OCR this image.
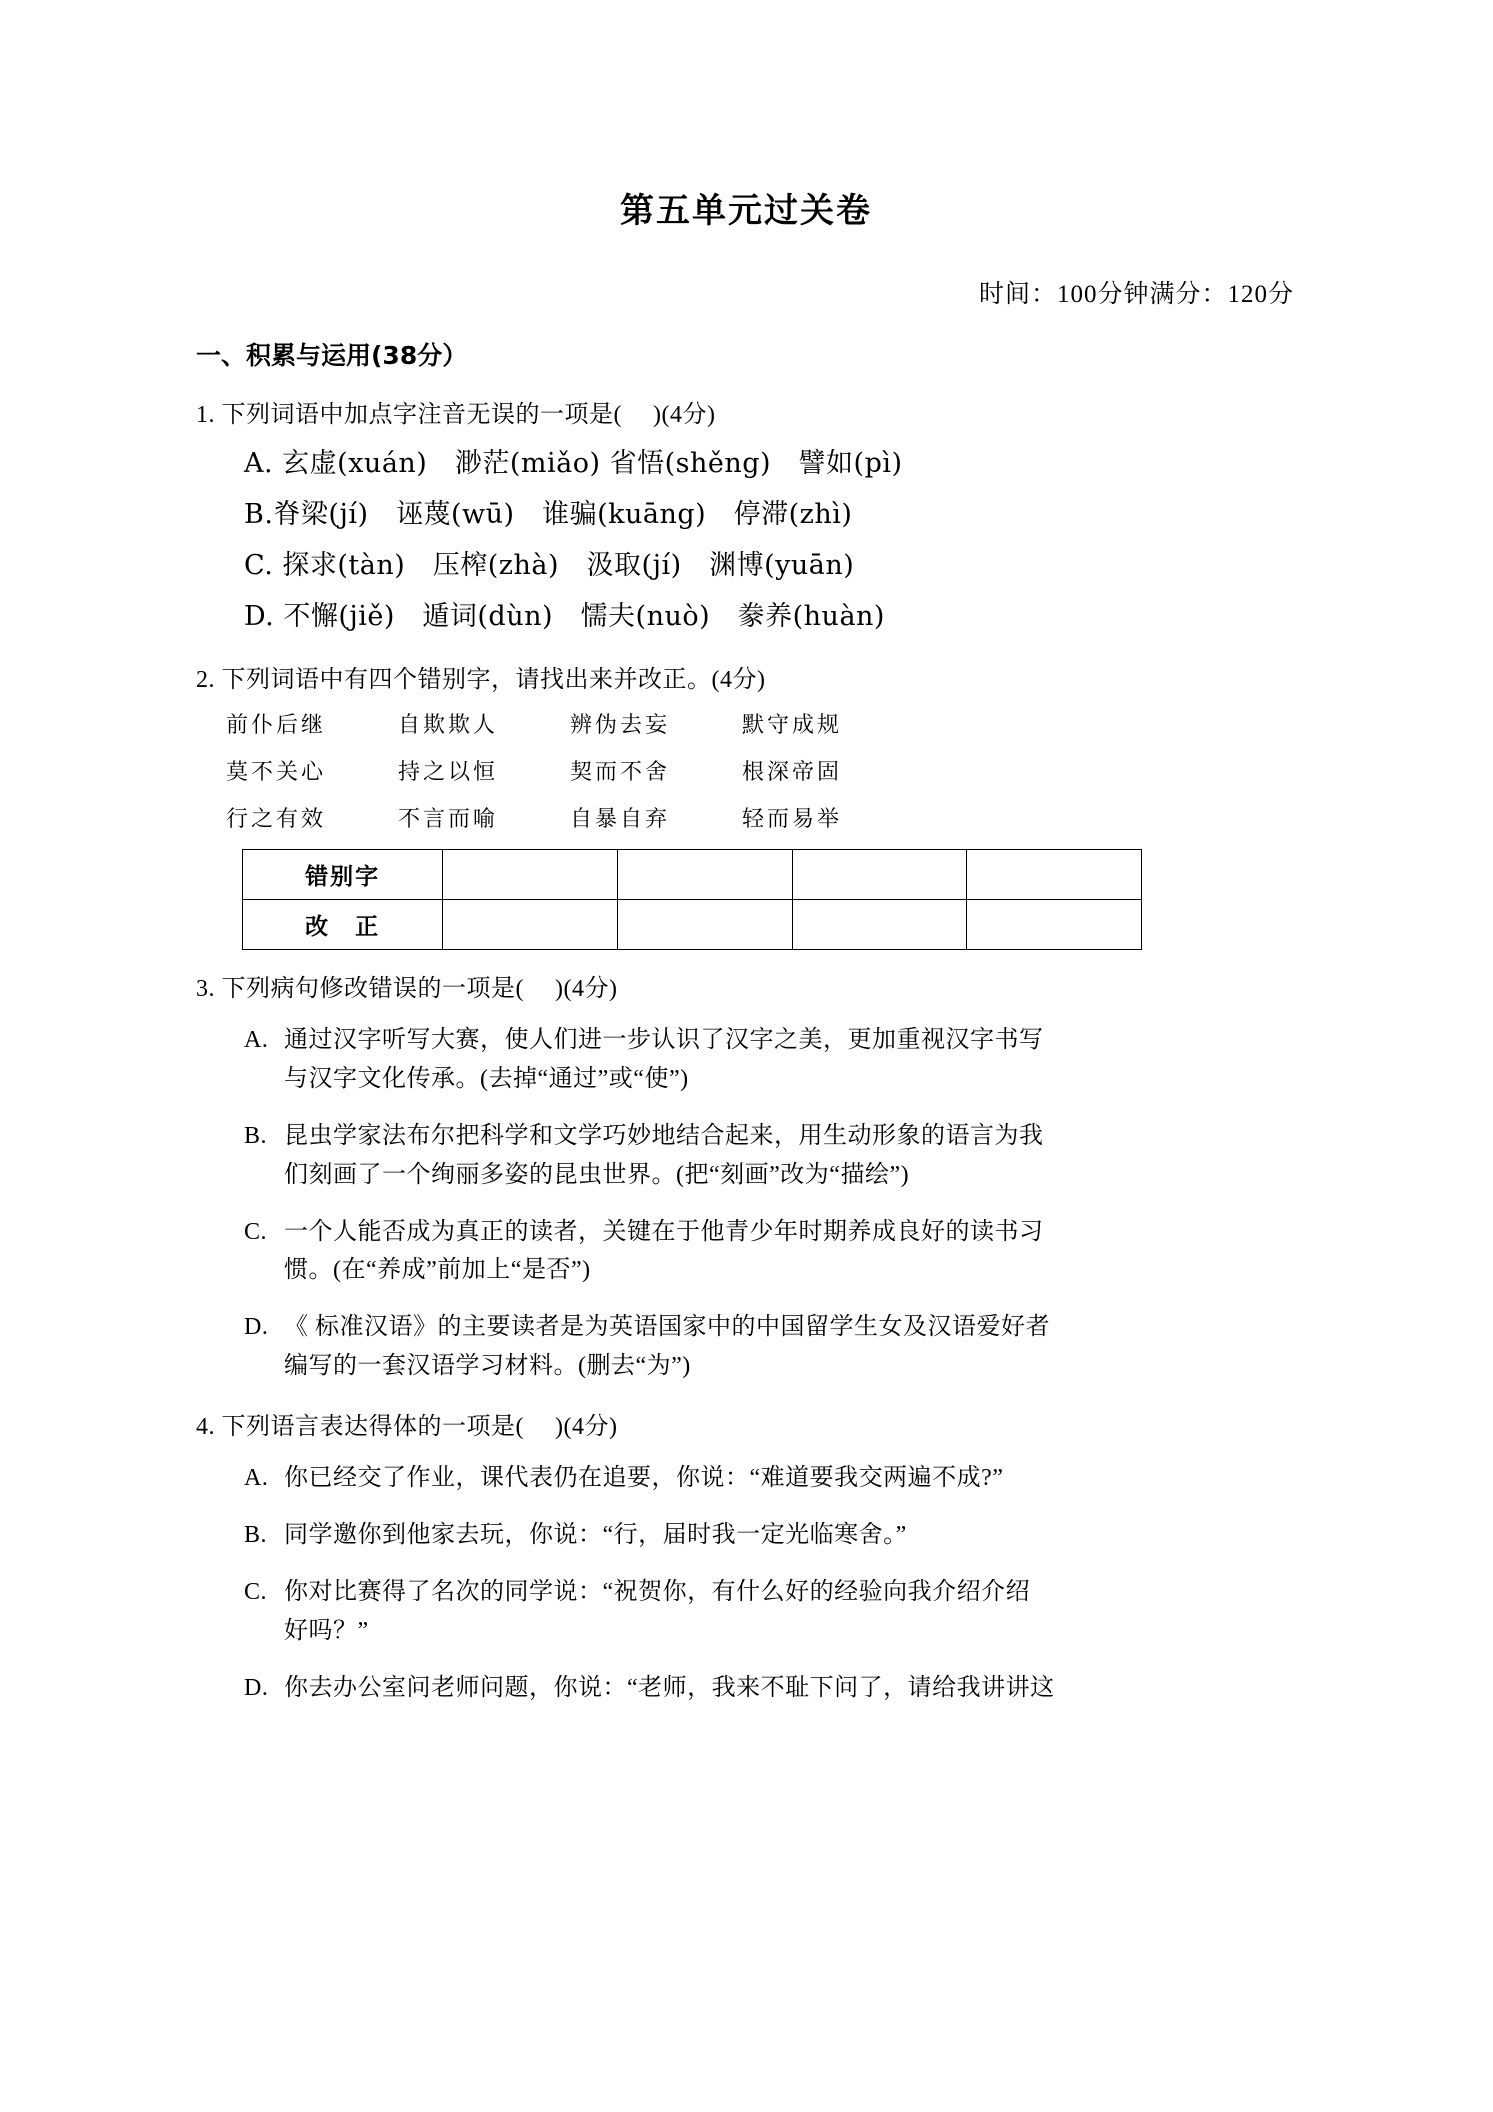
第五单元过关卷
时间：100分钟满分：120分
一、积累与运用(38分）
1. 下列词语中加点字注音无误的一项是(　 )(4分)
A. 玄虚(xuán)　渺茫(miǎo) 省悟(shěng)　譬如(pì)
B.脊梁(jí)　诬蔑(wū)　谁骗(kuāng)　停滞(zhì)
C. 探求(tàn)　压榨(zhà)　汲取(jí)　渊博(yuān)
D. 不懈(jiě)　遁词(dùn)　懦夫(nuò)　豢养(huàn)
2. 下列词语中有四个错别字，请找出来并改正。(4分)
前仆后继	自欺欺人	辨伪去妄	默守成规
莫不关心	持之以恒	契而不舍	根深帝固
行之有效	不言而喻	自暴自弃	轻而易举
错别字				
改　正				
3. 下列病句修改错误的一项是(　 )(4分)
A. 通过汉字听写大赛，使人们进一步认识了汉字之美，更加重视汉字书写

与汉字文化传承。(去掉“通过”或“使”)

B. 昆虫学家法布尔把科学和文学巧妙地结合起来，用生动形象的语言为我

们刻画了一个绚丽多姿的昆虫世界。(把“刻画”改为“描绘”)

C. 一个人能否成为真正的读者，关键在于他青少年时期养成良好的读书习

惯。(在“养成”前加上“是否”)

D. 《 标准汉语》的主要读者是为英语国家中的中国留学生女及汉语爱好者

编写的一套汉语学习材料。(删去“为”)

4. 下列语言表达得体的一项是(　 )(4分)
A. 你已经交了作业，课代表仍在追要，你说：“难道要我交两遍不成?”

B. 同学邀你到他家去玩，你说：“行，届时我一定光临寒舍。”

C. 你对比赛得了名次的同学说：“祝贺你，有什么好的经验向我介绍介绍

好吗？”

D. 你去办公室问老师问题，你说：“老师，我来不耻下问了，请给我讲讲这
